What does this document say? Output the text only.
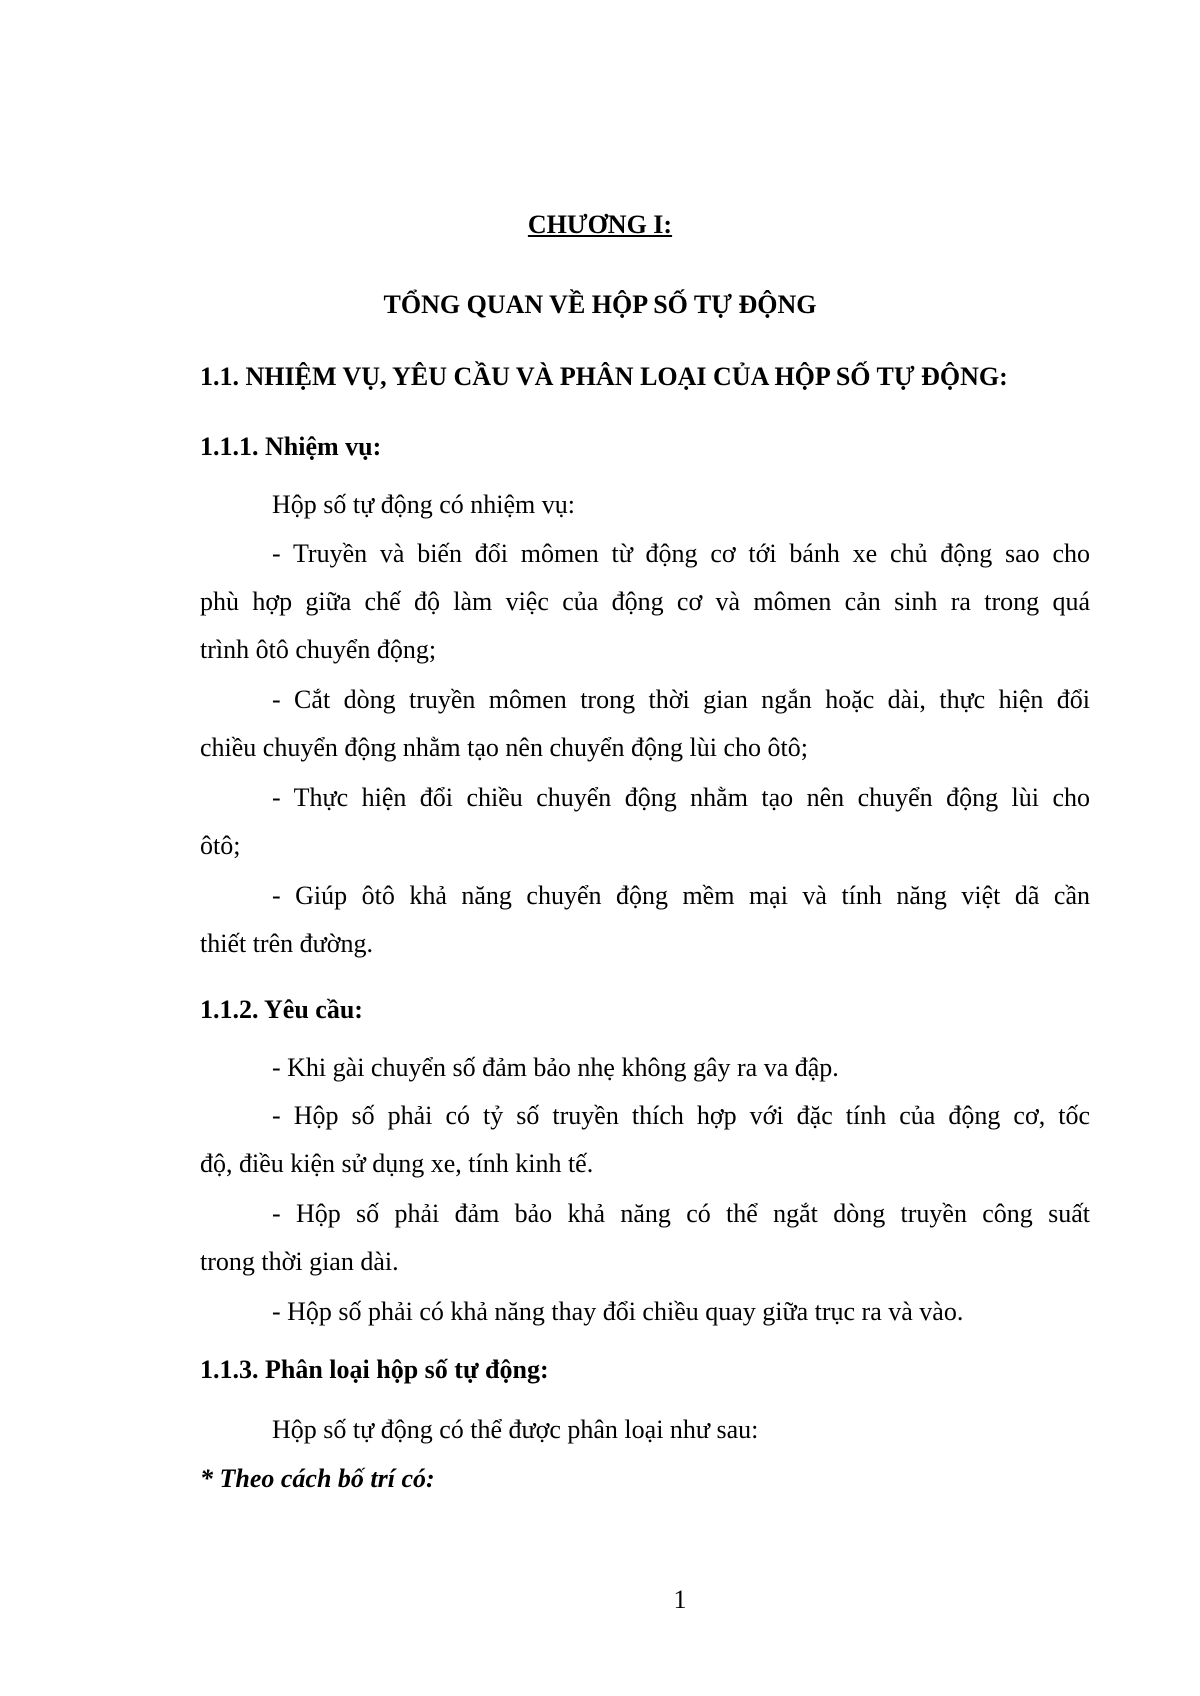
CHƯƠNG I:
TỔNG QUAN VỀ HỘP SỐ TỰ ĐỘNG
1.1. NHIỆM VỤ, YÊU CẦU VÀ PHÂN LOẠI CỦA HỘP SỐ TỰ ĐỘNG:
1.1.1. Nhiệm vụ:
Hộp số tự động có nhiệm vụ:
- Truyền và biến đổi mômen từ động cơ tới bánh xe chủ động sao cho
phù hợp giữa chế độ làm việc của động cơ và mômen cản sinh ra trong quá
trình ôtô chuyển động;
- Cắt dòng truyền mômen trong thời gian ngắn hoặc dài, thực hiện đổi
chiều chuyển động nhằm tạo nên chuyển động lùi cho ôtô;
- Thực hiện đổi chiều chuyển động nhằm tạo nên chuyển động lùi cho
ôtô;
- Giúp ôtô khả năng chuyển động mềm mại và tính năng việt dã cần
thiết trên đường.
1.1.2. Yêu cầu:
- Khi gài chuyển số đảm bảo nhẹ không gây ra va đập.
- Hộp số phải có tỷ số truyền thích hợp với đặc tính của động cơ, tốc
độ, điều kiện sử dụng xe, tính kinh tế.
- Hộp số phải đảm bảo khả năng có thể ngắt dòng truyền công suất
trong thời gian dài.
- Hộp số phải có khả năng thay đổi chiều quay giữa trục ra và vào.
1.1.3. Phân loại hộp số tự động:
Hộp số tự động có thể được phân loại như sau:
* Theo cách bố trí có:
1
